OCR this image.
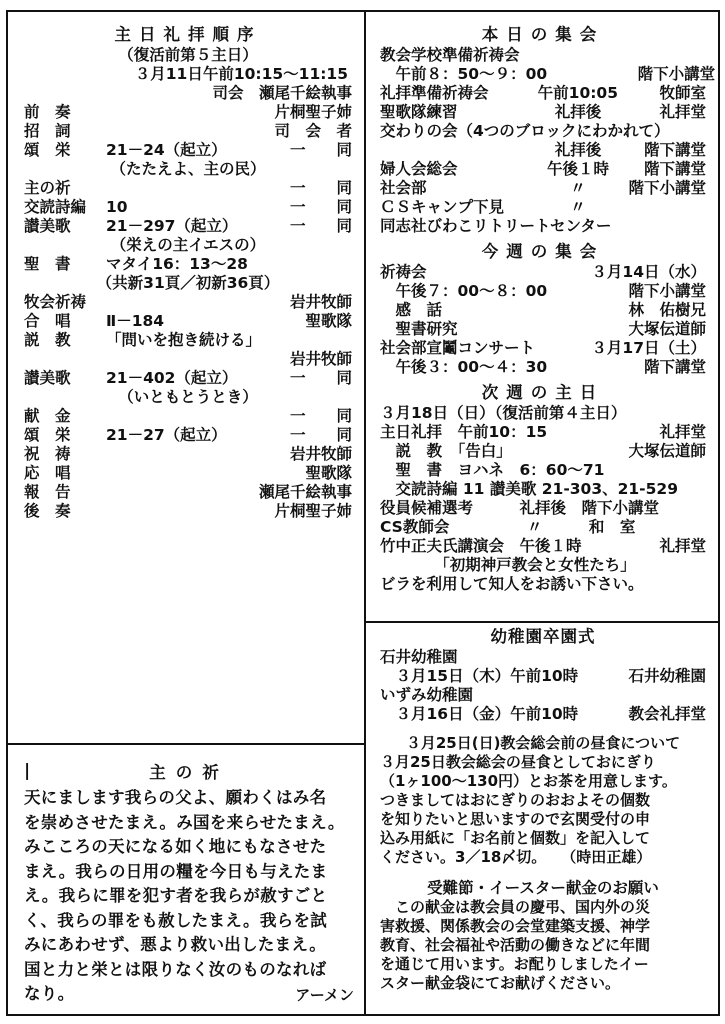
主日礼拝順序
（復活前第５主日）
３月11日午前10:15～11:15
司会　瀬尾千絵執事
前　奏	片桐聖子姉
招　詞	司　会　者
頌　栄	21－24（起立）	一　　同
（たたえよ、主の民）
主の祈	一　　同
交読詩編	10	一　　同
讃美歌	21－297（起立）	一　　同
（栄えの主イエスの）
聖　書	マタイ16：13～28
（共新31頁／初新36頁）
牧会祈祷	岩井牧師
合　唱	Ⅱ－184	聖歌隊
説　教	「問いを抱き続ける」
岩井牧師
讃美歌	21－402（起立）	一　　同
（いともとうとき）
献　金	一　　同
頌　栄	21－27（起立）	一　　同
祝　祷	岩井牧師
応　唱	聖歌隊
報　告	瀬尾千絵執事
後　奏	片桐聖子姉
|	主の祈
天にまします我らの父よ、願わくはみ名
を崇めさせたまえ。み国を来らせたまえ。
みこころの天になる如く地にもなさせた
まえ。我らの日用の糧を今日も与えたま
え。我らに罪を犯す者を我らが赦すごと
く、我らの罪をも赦したまえ。我らを試
みにあわせず、悪より救い出したまえ。
国と力と栄とは限りなく汝のものなれば
なり。	アーメン
本日の集会
教会学校準備祈祷会
　午前８：50～９：00	階下小講堂
礼拝準備祈祷会	午前10:05	牧師室
聖歌隊練習	礼拝後	礼拝堂
交わりの会（4つのブロックにわかれて）
礼拝後	階下講堂
婦人会総会	午後１時	階下講堂
社会部	〃	階下小講堂
ＣＳキャンプ下見	〃
同志社びわこリトリートセンター
今週の集会
祈祷会	３月14日（水）
　午後７：00～８：00	階下小講堂
　感　話	林　佑樹兄
　聖書研究	大塚伝道師
社会部宣鬮コンサート	３月17日（土）
　午後３：00～４：30	階下講堂
次週の主日
３月18日（日）（復活前第４主日）
主日礼拝　午前10：15	礼拝堂
　説　教　「告白」	大塚伝道師
　聖　書　ヨハネ　6：60～71
　交読詩編 11 讃美歌 21-303、21-529
役員候補選考　　　礼拝後　階下小講堂
CS教師会　　　　　〃　　　和　室
竹中正夫氏講演会　午後１時	礼拝堂
　　　　「初期神戸教会と女性たち」
ビラを利用して知人をお誘い下さい。
幼稚園卒園式
石井幼稚園
　３月15日（木）午前10時	石井幼稚園
いずみ幼稚園
　３月16日（金）午前10時	教会礼拝堂
３月25日(日)教会総会前の昼食について
３月25日教会総会の昼食としておにぎり
（1ヶ100～130円）とお茶を用意します。
つきましてはおにぎりのおおよその個数
を知りたいと思いますので玄関受付の申
込み用紙に「お名前と個数」を記入して
ください。3／18〆切。　　（時田正雄）
受難節・イースター献金のお願い
　この献金は教会員の慶弔、国内外の災
害救援、関係教会の会堂建築支援、神学
教育、社会福祉や活動の働きなどに年間
を通じて用います。お配りしましたイー
スター献金袋にてお献げください。
